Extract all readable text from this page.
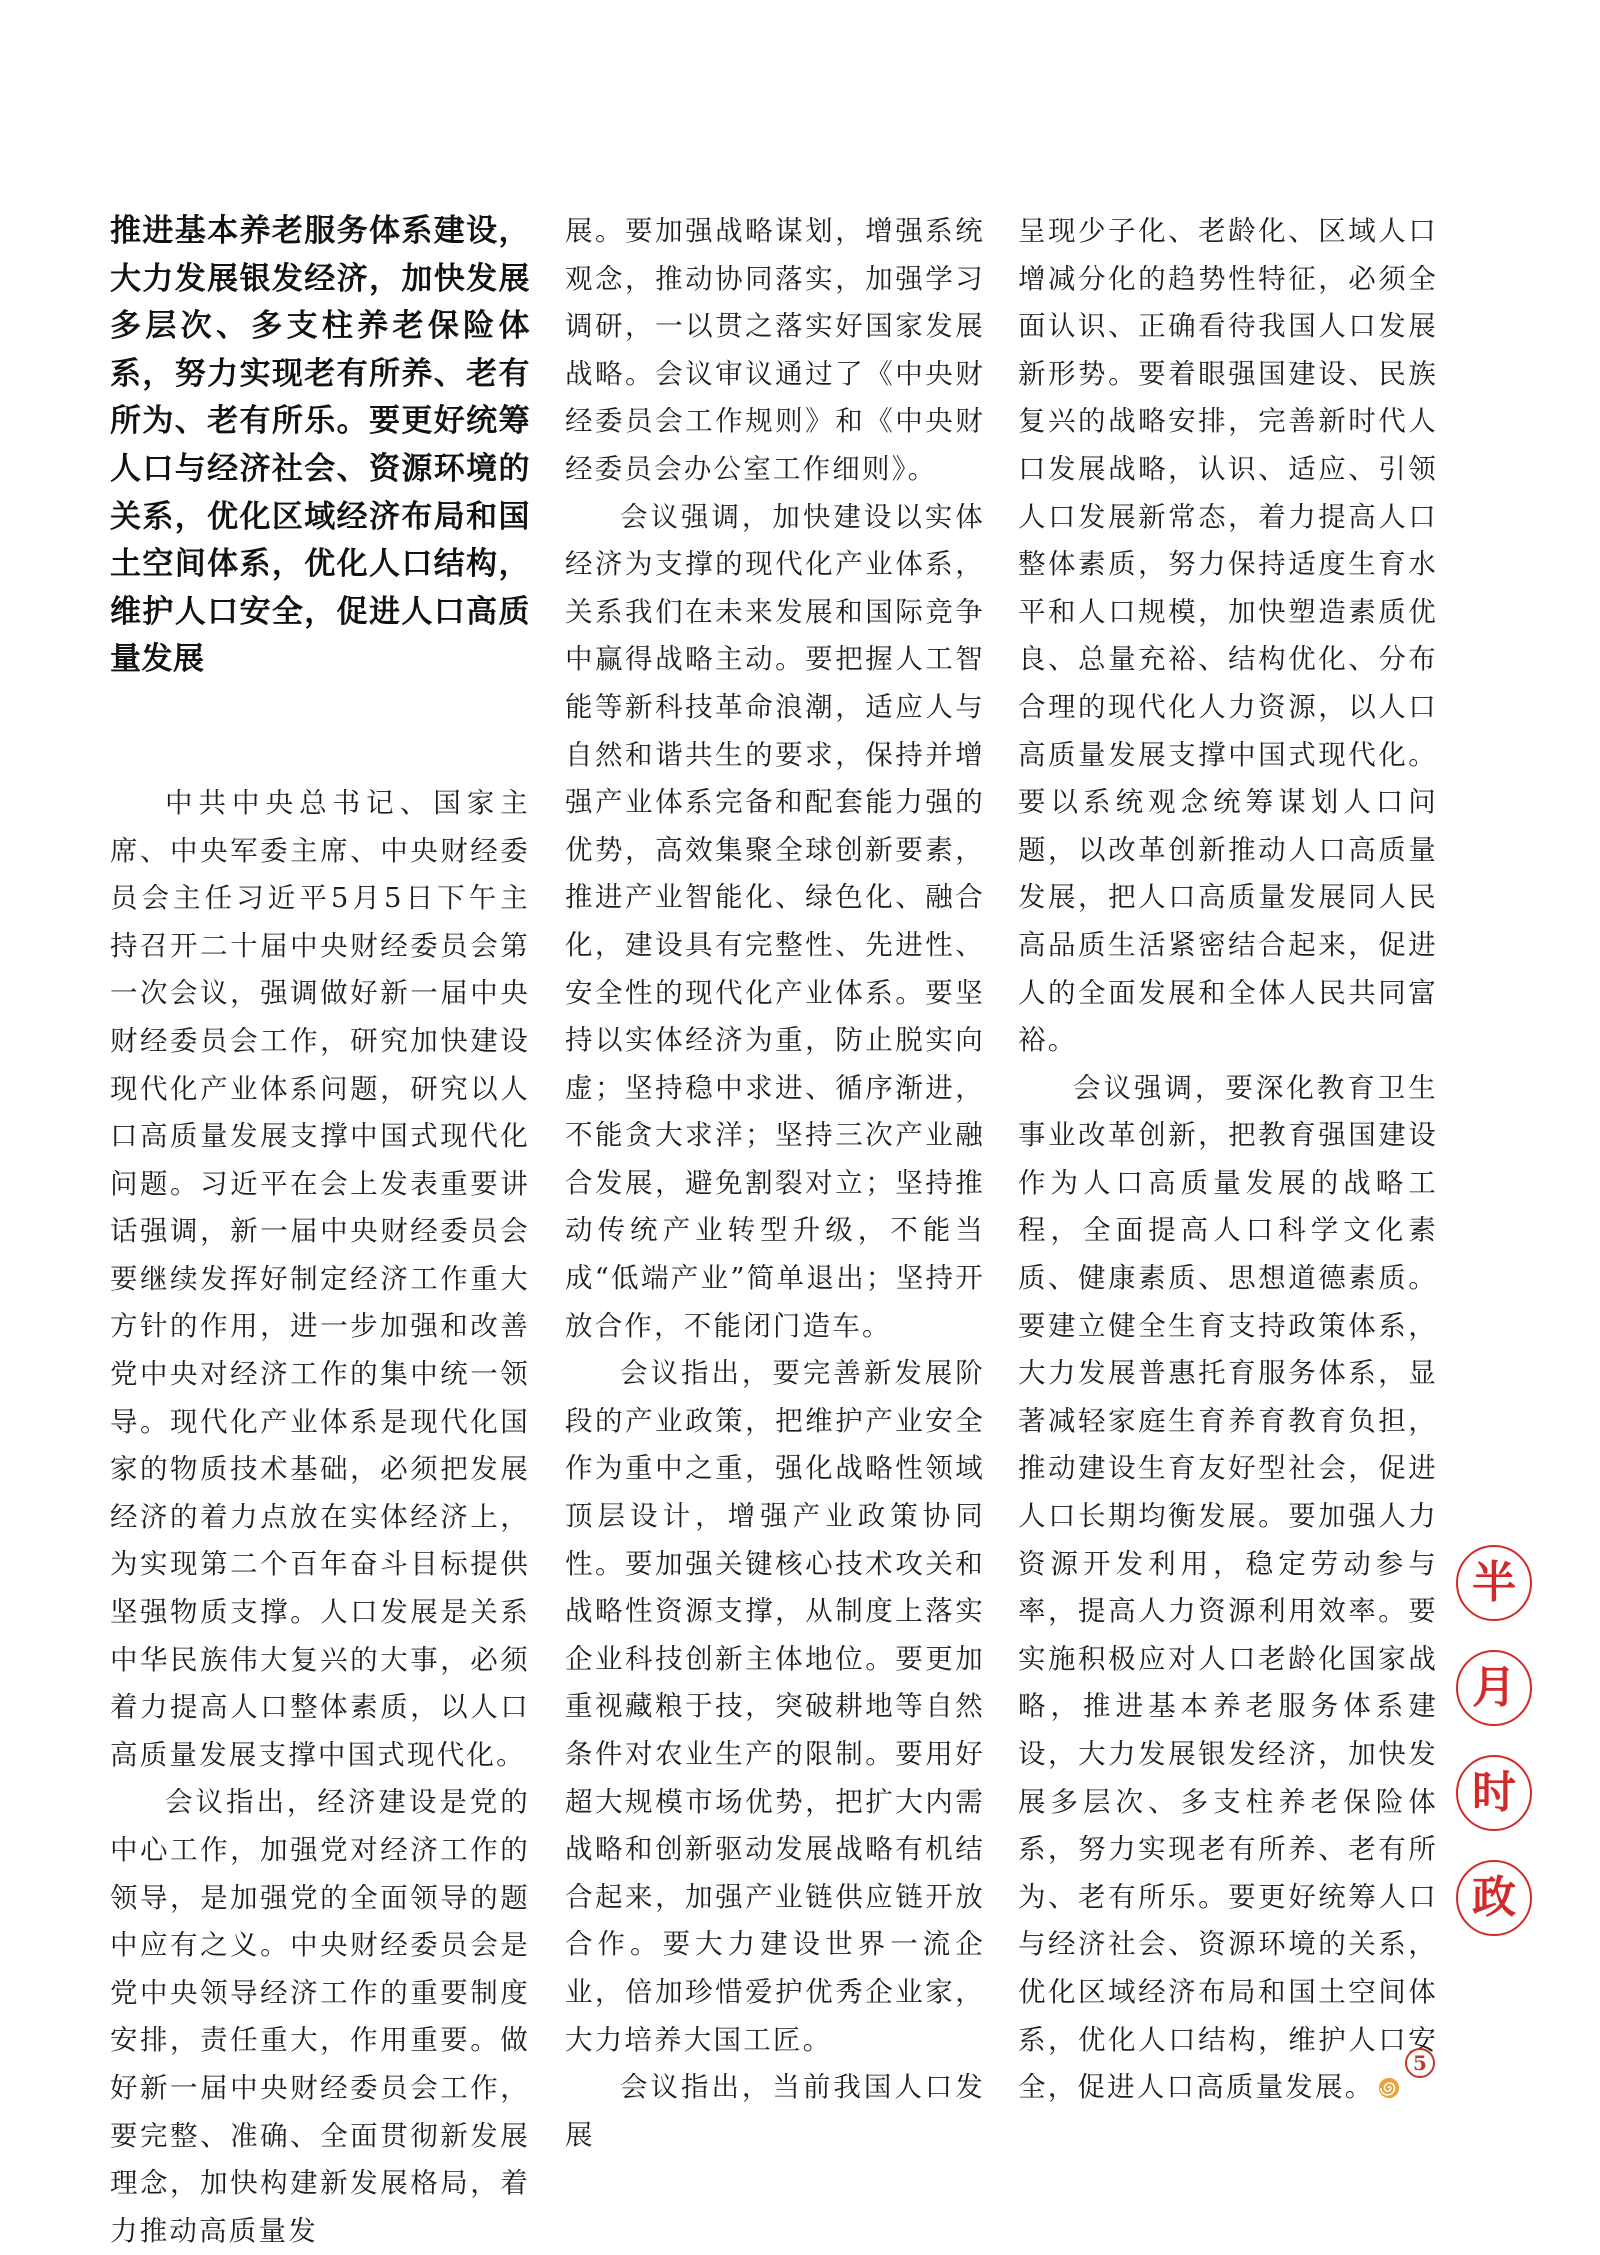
推进基本养老服务体系建设，大力发展银发经济，加快发展多层次、多支柱养老保险体系，努力实现老有所养、老有所为、老有所乐。要更好统筹人口与经济社会、资源环境的关系，优化区域经济布局和国土空间体系，优化人口结构，维护人口安全，促进人口高质量发展

中共中央总书记、国家主席、中央军委主席、中央财经委员会主任习近平5月5日下午主持召开二十届中央财经委员会第一次会议，强调做好新一届中央财经委员会工作，研究加快建设现代化产业体系问题，研究以人口高质量发展支撑中国式现代化问题。习近平在会上发表重要讲话强调，新一届中央财经委员会要继续发挥好制定经济工作重大方针的作用，进一步加强和改善党中央对经济工作的集中统一领导。现代化产业体系是现代化国家的物质技术基础，必须把发展经济的着力点放在实体经济上，为实现第二个百年奋斗目标提供坚强物质支撑。人口发展是关系中华民族伟大复兴的大事，必须着力提高人口整体素质，以人口高质量发展支撑中国式现代化。

会议指出，经济建设是党的中心工作，加强党对经济工作的领导，是加强党的全面领导的题中应有之义。中央财经委员会是党中央领导经济工作的重要制度安排，责任重大，作用重要。做好新一届中央财经委员会工作，要完整、准确、全面贯彻新发展理念，加快构建新发展格局，着力推动高质量发

展。要加强战略谋划，增强系统观念，推动协同落实，加强学习调研，一以贯之落实好国家发展战略。会议审议通过了《中央财经委员会工作规则》和《中央财经委员会办公室工作细则》。

会议强调，加快建设以实体经济为支撑的现代化产业体系，关系我们在未来发展和国际竞争中赢得战略主动。要把握人工智能等新科技革命浪潮，适应人与自然和谐共生的要求，保持并增强产业体系完备和配套能力强的优势，高效集聚全球创新要素，推进产业智能化、绿色化、融合化，建设具有完整性、先进性、安全性的现代化产业体系。要坚持以实体经济为重，防止脱实向虚；坚持稳中求进、循序渐进，不能贪大求洋；坚持三次产业融合发展，避免割裂对立；坚持推动传统产业转型升级，不能当成“低端产业”简单退出；坚持开放合作，不能闭门造车。

会议指出，要完善新发展阶段的产业政策，把维护产业安全作为重中之重，强化战略性领域顶层设计，增强产业政策协同性。要加强关键核心技术攻关和战略性资源支撑，从制度上落实企业科技创新主体地位。要更加重视藏粮于技，突破耕地等自然条件对农业生产的限制。要用好超大规模市场优势，把扩大内需战略和创新驱动发展战略有机结合起来，加强产业链供应链开放合作。要大力建设世界一流企业，倍加珍惜爱护优秀企业家，大力培养大国工匠。

会议指出，当前我国人口发展

呈现少子化、老龄化、区域人口增减分化的趋势性特征，必须全面认识、正确看待我国人口发展新形势。要着眼强国建设、民族复兴的战略安排，完善新时代人口发展战略，认识、适应、引领人口发展新常态，着力提高人口整体素质，努力保持适度生育水平和人口规模，加快塑造素质优良、总量充裕、结构优化、分布合理的现代化人力资源，以人口高质量发展支撑中国式现代化。要以系统观念统筹谋划人口问题，以改革创新推动人口高质量发展，把人口高质量发展同人民高品质生活紧密结合起来，促进人的全面发展和全体人民共同富裕。

会议强调，要深化教育卫生事业改革创新，把教育强国建设作为人口高质量发展的战略工程，全面提高人口科学文化素质、健康素质、思想道德素质。要建立健全生育支持政策体系，大力发展普惠托育服务体系，显著减轻家庭生育养育教育负担，推动建设生育友好型社会，促进人口长期均衡发展。要加强人力资源开发利用，稳定劳动参与率，提高人力资源利用效率。要实施积极应对人口老龄化国家战略，推进基本养老服务体系建设，大力发展银发经济，加快发展多层次、多支柱养老保险体系，努力实现老有所养、老有所为、老有所乐。要更好统筹人口与经济社会、资源环境的关系，优化区域经济布局和国土空间体系，优化人口结构，维护人口安全，促进人口高质量发展。

半
月
时
政
5
